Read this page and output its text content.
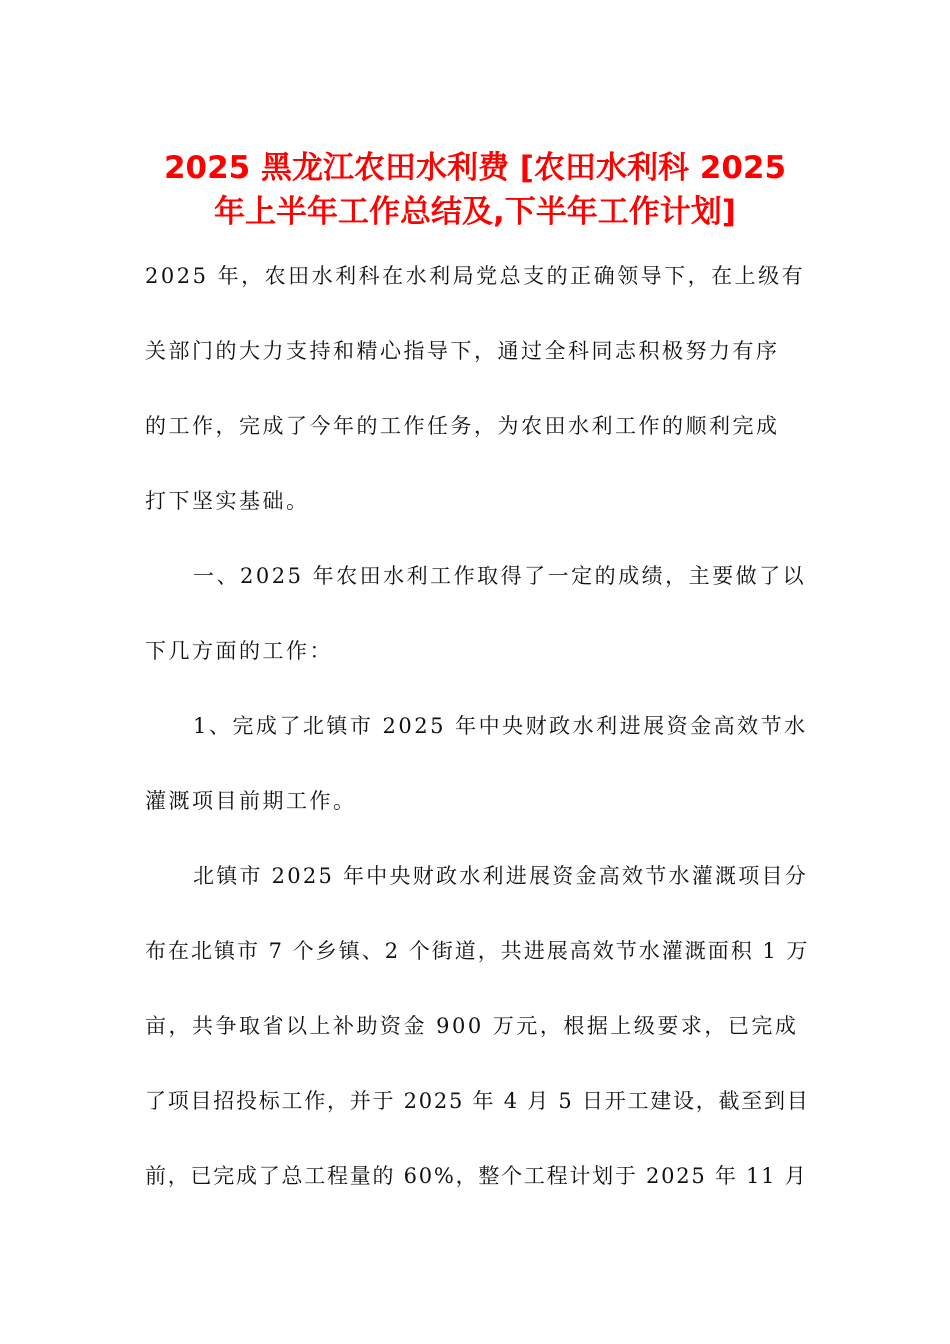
2025 黑龙江农田水利费 [农田水利科 2025
年上半年工作总结及,下半年工作计划]
2025 年，农田水利科在水利局党总支的正确领导下，在上级有
关部门的大力支持和精心指导下，通过全科同志积极努力有序
的工作，完成了今年的工作任务，为农田水利工作的顺利完成
打下坚实基础。
一、2025 年农田水利工作取得了一定的成绩，主要做了以
下几方面的工作：
1、完成了北镇市 2025 年中央财政水利进展资金高效节水
灌溉项目前期工作。
北镇市 2025 年中央财政水利进展资金高效节水灌溉项目分
布在北镇市 7 个乡镇、2 个街道，共进展高效节水灌溉面积 1 万
亩，共争取省以上补助资金 900 万元，根据上级要求，已完成
了项目招投标工作，并于 2025 年 4 月 5 日开工建设，截至到目
前，已完成了总工程量的 60%，整个工程计划于 2025 年 11 月
